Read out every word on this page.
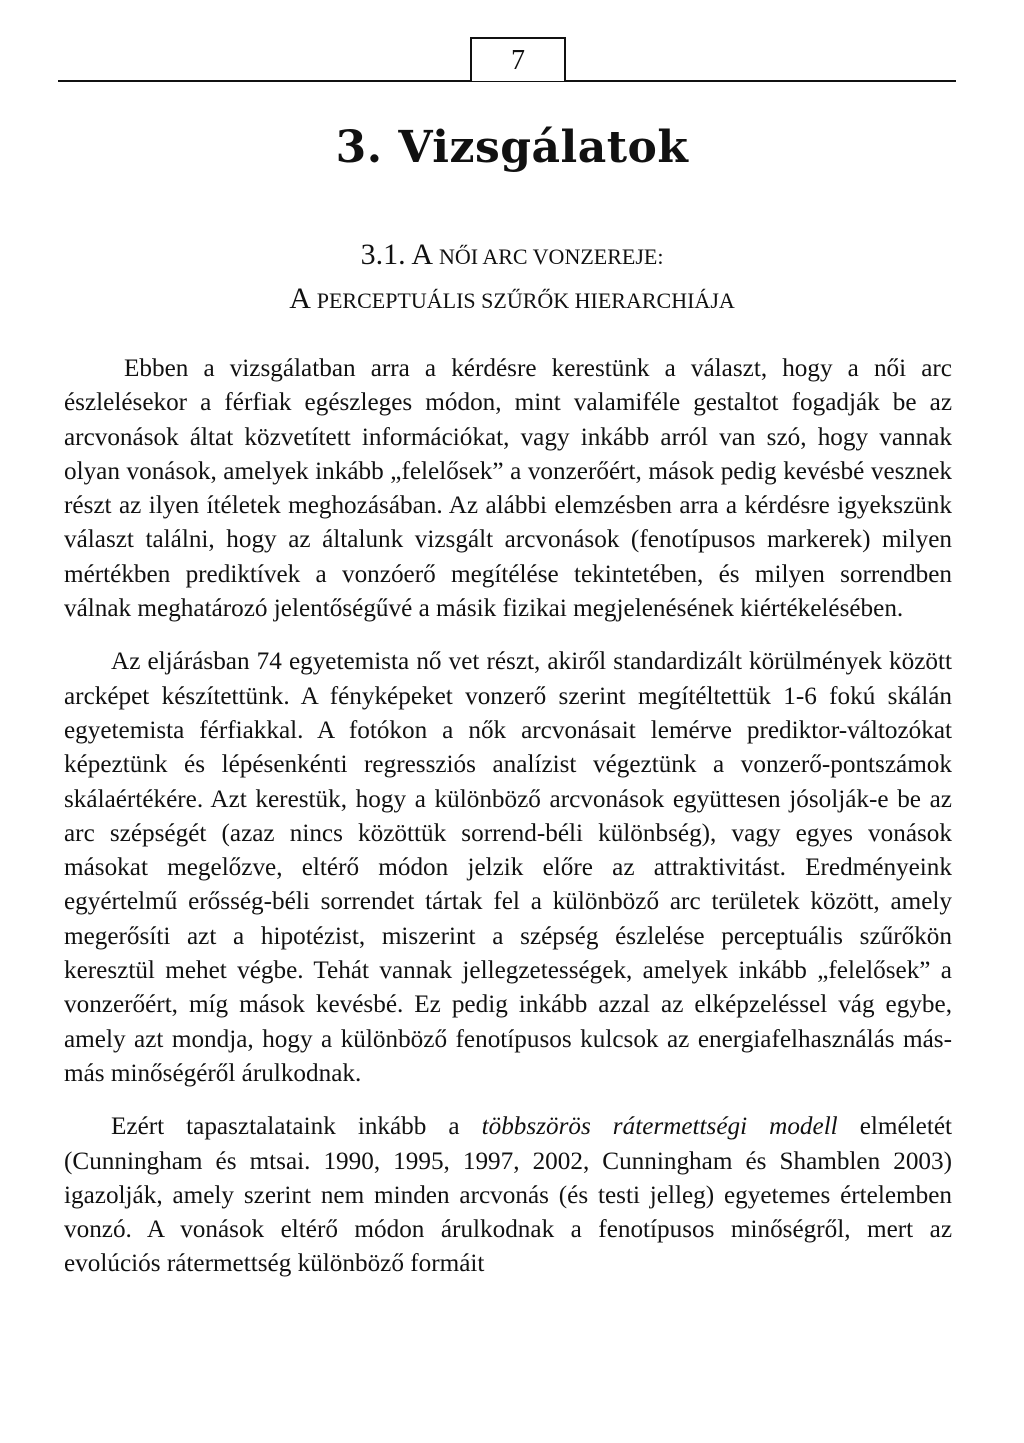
7
3. Vizsgálatok
3.1. A NŐI ARC VONZEREJE:
A PERCEPTUÁLIS SZŰRŐK HIERARCHIÁJA

Ebben a vizsgálatban arra a kérdésre kerestünk a választ, hogy a női arc észlelésekor a férfiak egészleges módon, mint valamiféle gestaltot fogadják be az arcvonások áltat közvetített információkat, vagy inkább arról van szó, hogy vannak olyan vonások, amelyek inkább „felelősek” a vonzerőért, mások pedig kevésbé vesznek részt az ilyen ítéletek meghozásában. Az alábbi elemzésben arra a kérdésre igyekszünk választ találni, hogy az általunk vizsgált arcvonások (fenotípusos markerek) milyen mértékben prediktívek a vonzóerő megítélése tekintetében, és milyen sorrendben válnak meghatározó jelentőségűvé a másik fizikai megjelenésének kiértékelésében.

Az eljárásban 74 egyetemista nő vet részt, akiről standardizált körülmények között arcképet készítettünk. A fényképeket vonzerő szerint megítéltettük 1-6 fokú skálán egyetemista férfiakkal. A fotókon a nők arcvonásait lemérve prediktor-változókat képeztünk és lépésenkénti regressziós analízist végeztünk a vonzerő-pontszámok skálaértékére. Azt kerestük, hogy a különböző arcvonások együttesen jósolják-e be az arc szépségét (azaz nincs közöttük sorrend-béli különbség), vagy egyes vonások másokat megelőzve, eltérő módon jelzik előre az attraktivitást. Eredményeink egyértelmű erősség-béli sorrendet tártak fel a különböző arc területek között, amely megerősíti azt a hipotézist, miszerint a szépség észlelése perceptuális szűrőkön keresztül mehet végbe. Tehát vannak jellegzetességek, amelyek inkább „felelősek” a vonzerőért, míg mások kevésbé. Ez pedig inkább azzal az elképzeléssel vág egybe, amely azt mondja, hogy a különböző fenotípusos kulcsok az energiafelhasználás más-más minőségéről árulkodnak.

Ezért tapasztalataink inkább a többszörös rátermettségi modell elméletét (Cunningham és mtsai. 1990, 1995, 1997, 2002, Cunningham és Shamblen 2003) igazolják, amely szerint nem minden arcvonás (és testi jelleg) egyetemes értelemben vonzó. A vonások eltérő módon árulkodnak a fenotípusos minőségről, mert az evolúciós rátermettség különböző formáit
